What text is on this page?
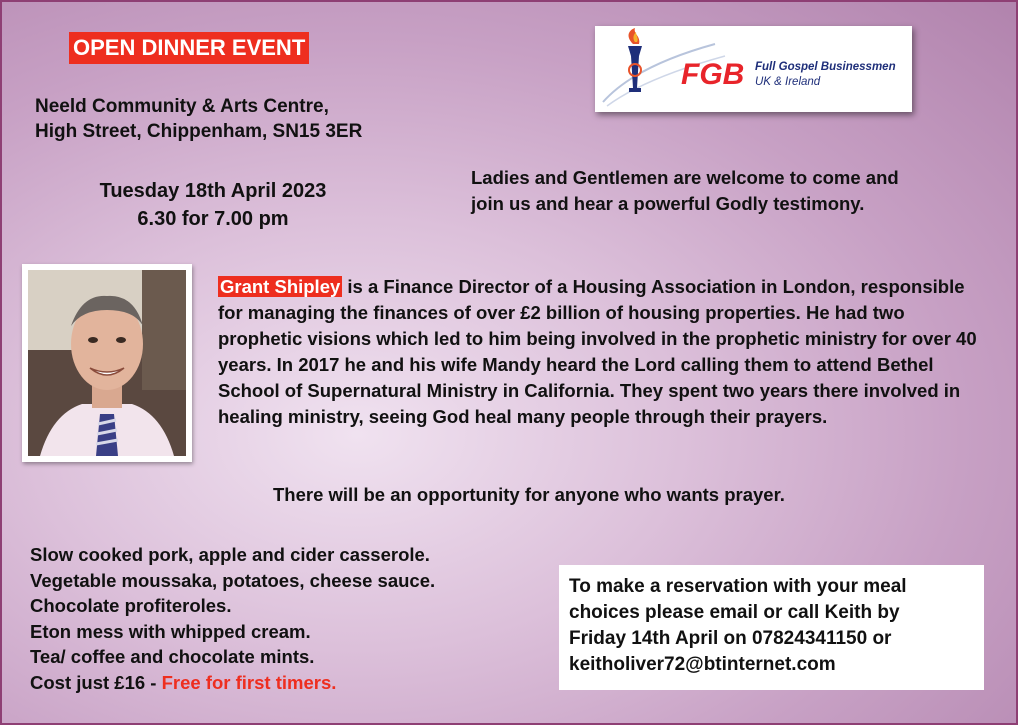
OPEN DINNER EVENT
Neeld Community & Arts Centre,
High Street, Chippenham, SN15 3ER
Tuesday 18th April 2023
6.30 for 7.00 pm
FGB Full Gospel Businessmen
UK & Ireland
Ladies and Gentlemen are welcome to come and
join us and hear a powerful Godly testimony.
Grant Shipley is a Finance Director of a Housing Association in London, responsible for managing the finances of over £2 billion of housing properties. He had two prophetic visions which led to him being involved in the prophetic ministry for over 40 years. In 2017 he and his wife Mandy heard the Lord calling them to attend Bethel School of Supernatural Ministry in California. They spent two years there involved in healing ministry, seeing God heal many people through their prayers.
There will be an opportunity for anyone who wants prayer.
Slow cooked pork, apple and cider casserole.
Vegetable moussaka, potatoes, cheese sauce.
Chocolate profiteroles.
Eton mess with whipped cream.
Tea/ coffee and chocolate mints.
Cost just £16 - Free for first timers.
To make a reservation with your meal
choices please email or call Keith by
Friday 14th April on 07824341150 or
keitholiver72@btinternet.com
